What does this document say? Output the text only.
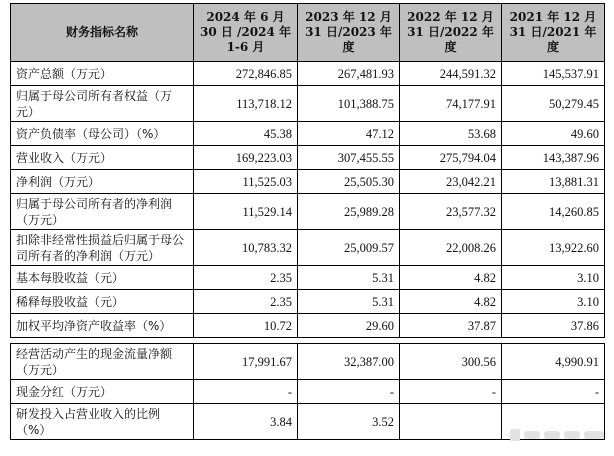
财务指标名称	2024 年 6 月 30 日 /2024 年 1-6 月	2023 年 12 月 31 日/2023 年 度	2022 年 12 月 31 日/2022 年 度	2021 年 12 月 31 日/2021 年 度
资产总额（万元）	272,846.85	267,481.93	244,591.32	145,537.91
归属于母公司所有者权益（万元）	113,718.12	101,388.75	74,177.91	50,279.45
资产负债率（母公司）（%）	45.38	47.12	53.68	49.60
营业收入（万元）	169,223.03	307,455.55	275,794.04	143,387.96
净利润（万元）	11,525.03	25,505.30	23,042.21	13,881.31
归属于母公司所有者的净利润（万元）	11,529.14	25,989.28	23,577.32	14,260.85
扣除非经常性损益后归属于母公司所有者的净利润（万元）	10,783.32	25,009.57	22,008.26	13,922.60
基本每股收益（元）	2.35	5.31	4.82	3.10
稀释每股收益（元）	2.35	5.31	4.82	3.10
加权平均净资产收益率（%）	10.72	29.60	37.87	37.86
经营活动产生的现金流量净额（万元）	17,991.67	32,387.00	300.56	4,990.91
现金分红（万元）	-	-	-	-
研发投入占营业收入的比例（%）	3.84	3.52		
